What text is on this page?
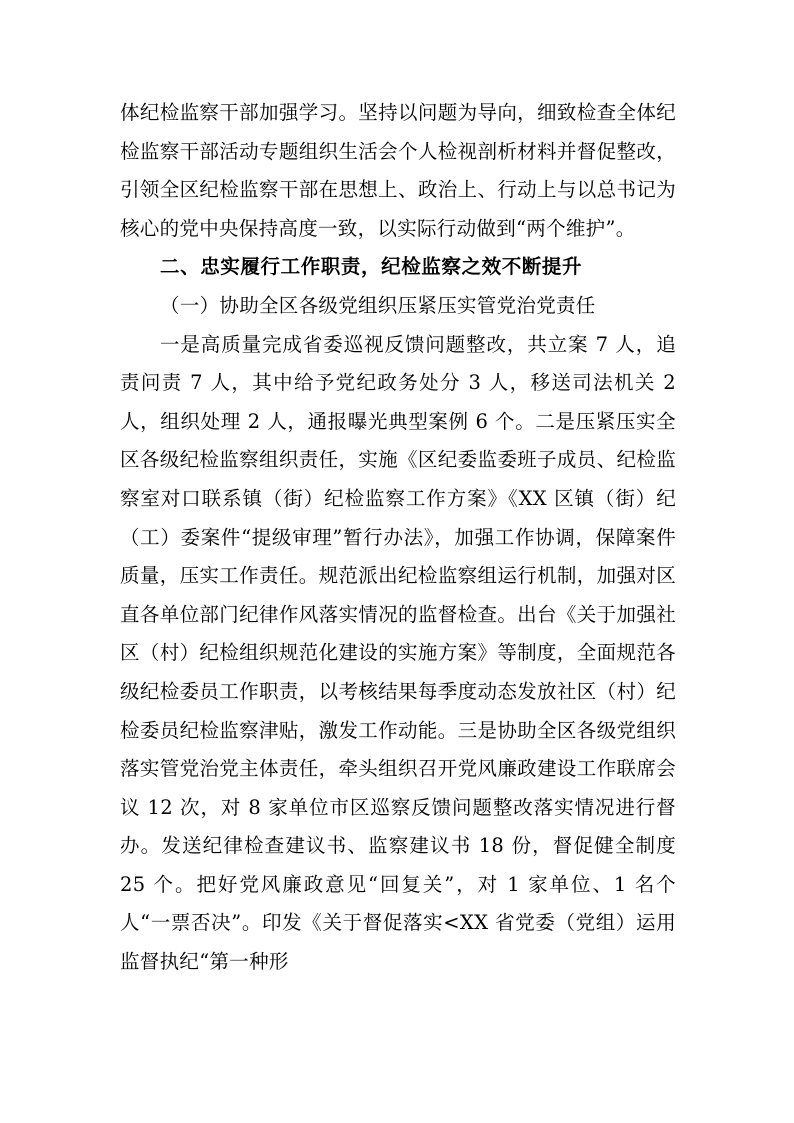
体纪检监察干部加强学习。坚持以问题为导向，细致检查全体纪检监察干部活动专题组织生活会个人检视剖析材料并督促整改，引领全区纪检监察干部在思想上、政治上、行动上与以总书记为核心的党中央保持高度一致，以实际行动做到“两个维护”。

二、忠实履行工作职责，纪检监察之效不断提升

（一）协助全区各级党组织压紧压实管党治党责任

一是高质量完成省委巡视反馈问题整改，共立案 7 人，追责问责 7 人，其中给予党纪政务处分 3 人，移送司法机关 2 人，组织处理 2 人，通报曝光典型案例 6 个。二是压紧压实全区各级纪检监察组织责任，实施《区纪委监委班子成员、纪检监察室对口联系镇（街）纪检监察工作方案》《XX 区镇（街）纪（工）委案件“提级审理”暂行办法》，加强工作协调，保障案件质量，压实工作责任。规范派出纪检监察组运行机制，加强对区直各单位部门纪律作风落实情况的监督检查。出台《关于加强社区（村）纪检组织规范化建设的实施方案》等制度，全面规范各级纪检委员工作职责，以考核结果每季度动态发放社区（村）纪检委员纪检监察津贴，激发工作动能。三是协助全区各级党组织落实管党治党主体责任，牵头组织召开党风廉政建设工作联席会议 12 次，对 8 家单位市区巡察反馈问题整改落实情况进行督办。发送纪律检查建议书、监察建议书 18 份，督促健全制度 25 个。把好党风廉政意见“回复关”，对 1 家单位、1 名个人“一票否决”。印发《关于督促落实<XX 省党委（党组）运用监督执纪“第一种形
